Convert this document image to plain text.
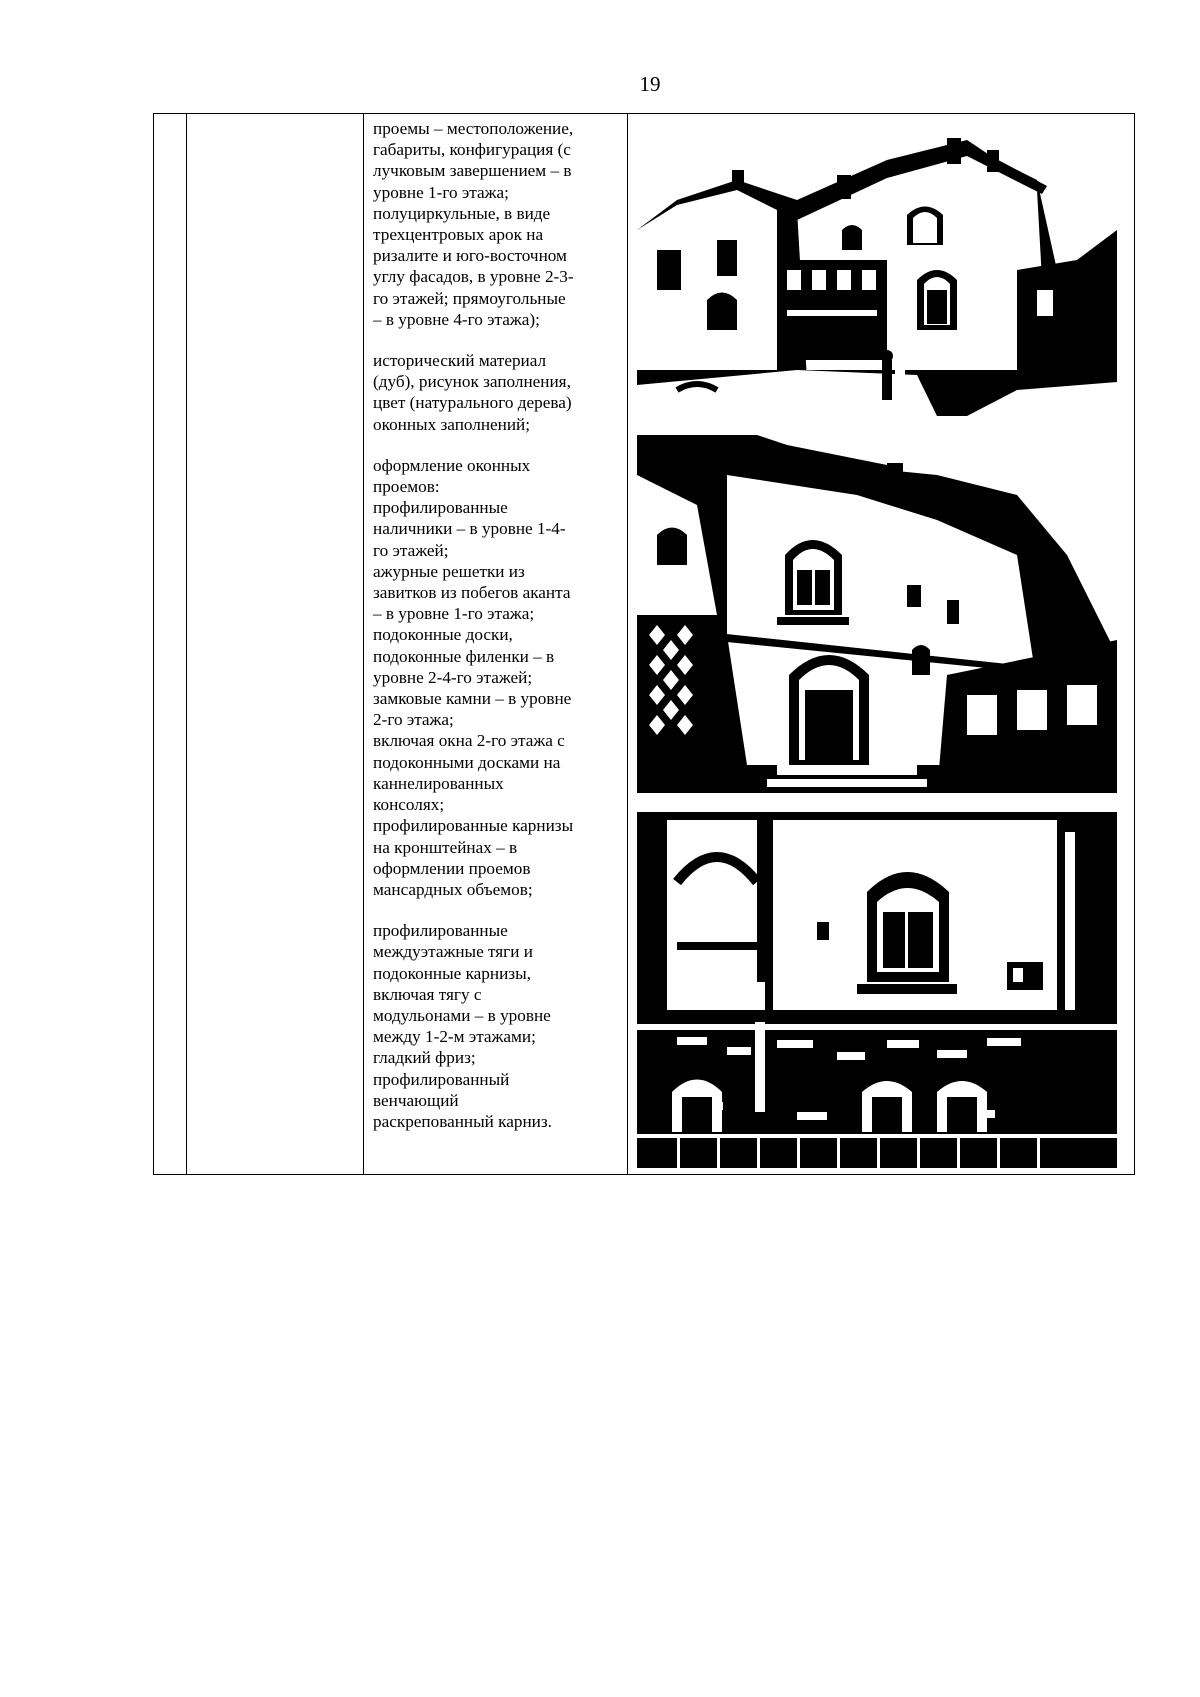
19

проемы – местоположение,
габариты, конфигурация (с
лучковым завершением – в
уровне 1-го этажа;
полуциркульные, в виде
трехцентровых арок на
ризалите и юго-восточном
углу фасадов, в уровне 2-3-
го этажей; прямоугольные
– в уровне 4-го этажа);
исторический материал
(дуб), рисунок заполнения,
цвет (натурального дерева)
оконных заполнений;
оформление оконных
проемов:
профилированные
наличники – в уровне 1-4-
го этажей;
ажурные решетки из
завитков из побегов аканта
– в уровне 1-го этажа;
подоконные доски,
подоконные филенки – в
уровне 2-4-го этажей;
замковые камни – в уровне
2-го этажа;
включая окна 2-го этажа с
подоконными досками на
каннелированных
консолях;
профилированные карнизы
на кронштейнах – в
оформлении проемов
мансардных объемов;
профилированные
междуэтажные тяги и
подоконные карнизы,
включая тягу с
модульонами – в уровне
между 1-2-м этажами;
гладкий фриз;
профилированный
венчающий
раскрепованный карниз.
